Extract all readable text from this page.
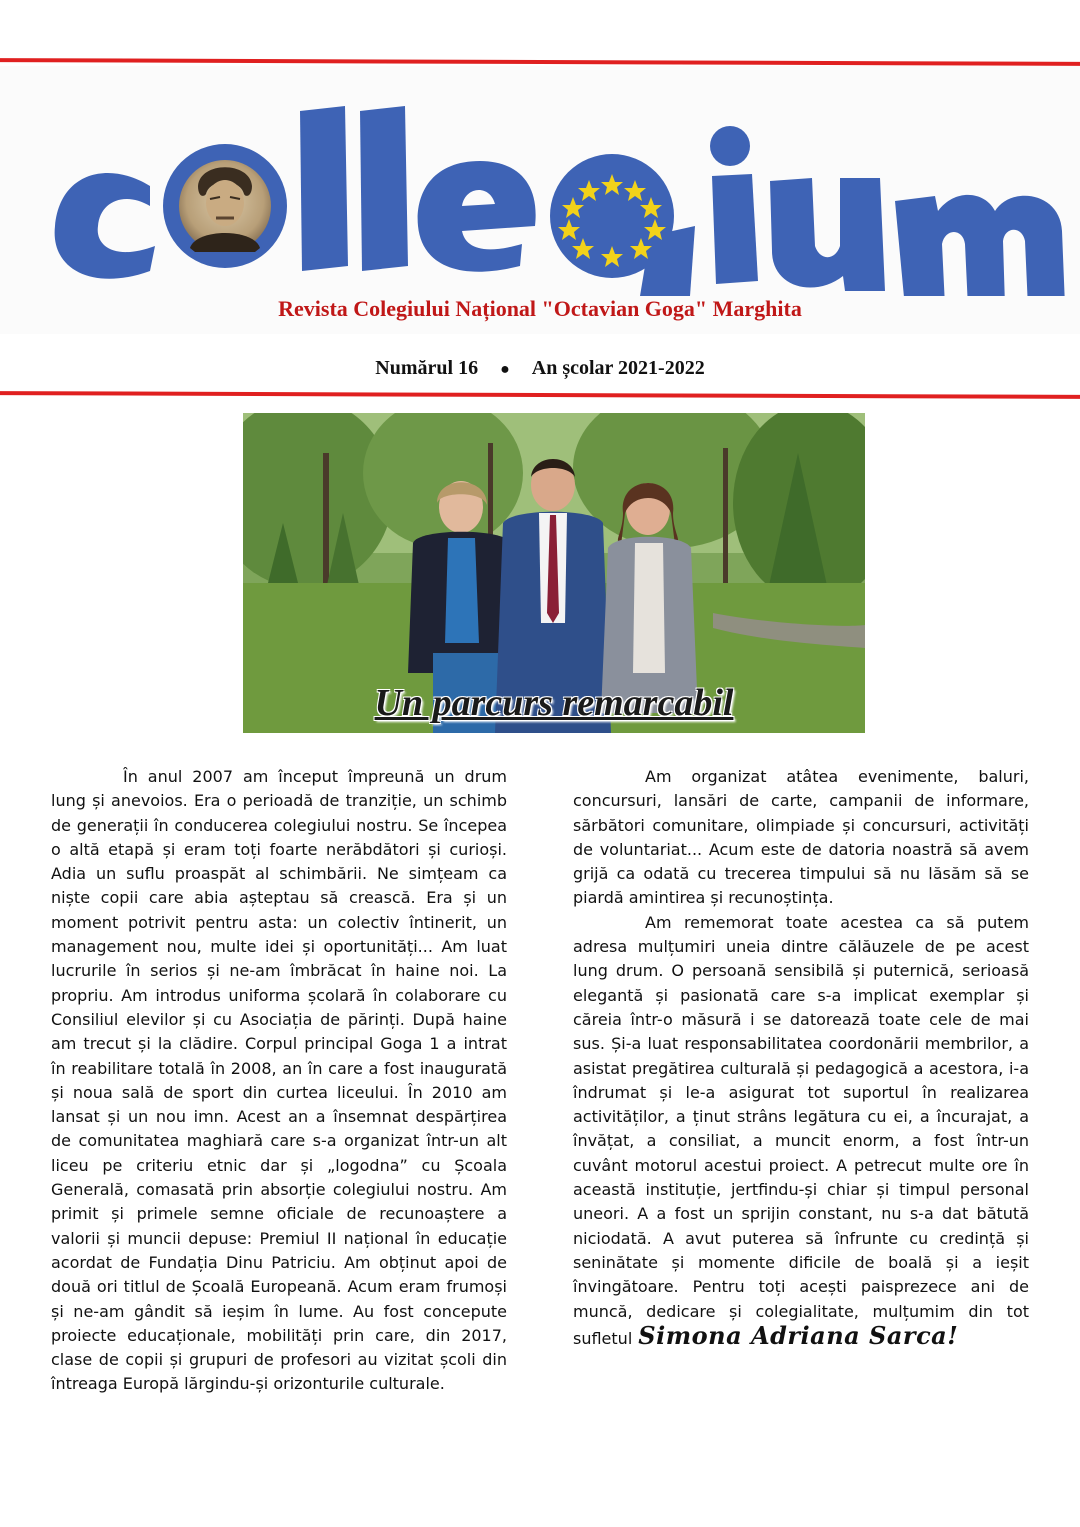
Revista Colegiului Național "Octavian Goga" Marghita
Numărul 16 ● An școlar 2021-2022
Un parcurs remarcabil

În anul 2007 am început împreună un drum lung și anevoios. Era o perioadă de tranziție, un schimb de generații în conducerea colegiului nostru. Se începea o altă etapă și eram toți foarte nerăbdători și curioși. Adia un suflu proaspăt al schimbării. Ne simțeam ca niște copii care abia așteptau să crească. Era și un moment potrivit pentru asta: un colectiv întinerit, un management nou, multe idei și oportunități... Am luat lucrurile în serios și ne-am îmbrăcat în haine noi. La propriu. Am introdus uniforma școlară în colaborare cu Consiliul elevilor și cu Asociația de părinți. După haine am trecut și la clădire. Corpul principal Goga 1 a intrat în reabilitare totală în 2008, an în care a fost inaugurată și noua sală de sport din curtea liceului. În 2010 am lansat și un nou imn. Acest an a însemnat despărțirea de comunitatea maghiară care s-a organizat într-un alt liceu pe criteriu etnic dar și „logodna” cu Școala Generală, comasată prin absorție colegiului nostru. Am primit și primele semne oficiale de recunoaștere a valorii și muncii depuse: Premiul II național în educație acordat de Fundația Dinu Patriciu. Am obținut apoi de două ori titlul de Școală Europeană. Acum eram frumoși și ne-am gândit să ieșim în lume. Au fost concepute proiecte educaționale, mobilități prin care, din 2017, clase de copii și grupuri de profesori au vizitat școli din întreaga Europă lărgindu-și orizonturile culturale.

Am organizat atâtea evenimente, baluri, concursuri, lansări de carte, campanii de informare, sărbători comunitare, olimpiade și concursuri, activități de voluntariat... Acum este de datoria noastră să avem grijă ca odată cu trecerea timpului să nu lăsăm să se piardă amintirea și recunoștința.

Am rememorat toate acestea ca să putem adresa mulțumiri uneia dintre călăuzele de pe acest lung drum. O persoană sensibilă și puternică, serioasă elegantă și pasionată care s-a implicat exemplar și căreia într-o măsură i se datorează toate cele de mai sus. Și-a luat responsabilitatea coordonării membrilor, a asistat pregătirea culturală și pedagogică a acestora, i-a îndrumat și le-a asigurat tot suportul în realizarea activităților, a ținut strâns legătura cu ei, a încurajat, a învățat, a consiliat, a muncit enorm, a fost într-un cuvânt motorul acestui proiect. A petrecut multe ore în această instituție, jertfindu-și chiar și timpul personal uneori. A a fost un sprijin constant, nu s-a dat bătută niciodată. A avut puterea să înfrunte cu credință și seninătate și momente dificile de boală și a ieșit învingătoare. Pentru toți acești paisprezece ani de muncă, dedicare și colegialitate, mulțumim din tot sufletul Simona Adriana Sarca!
